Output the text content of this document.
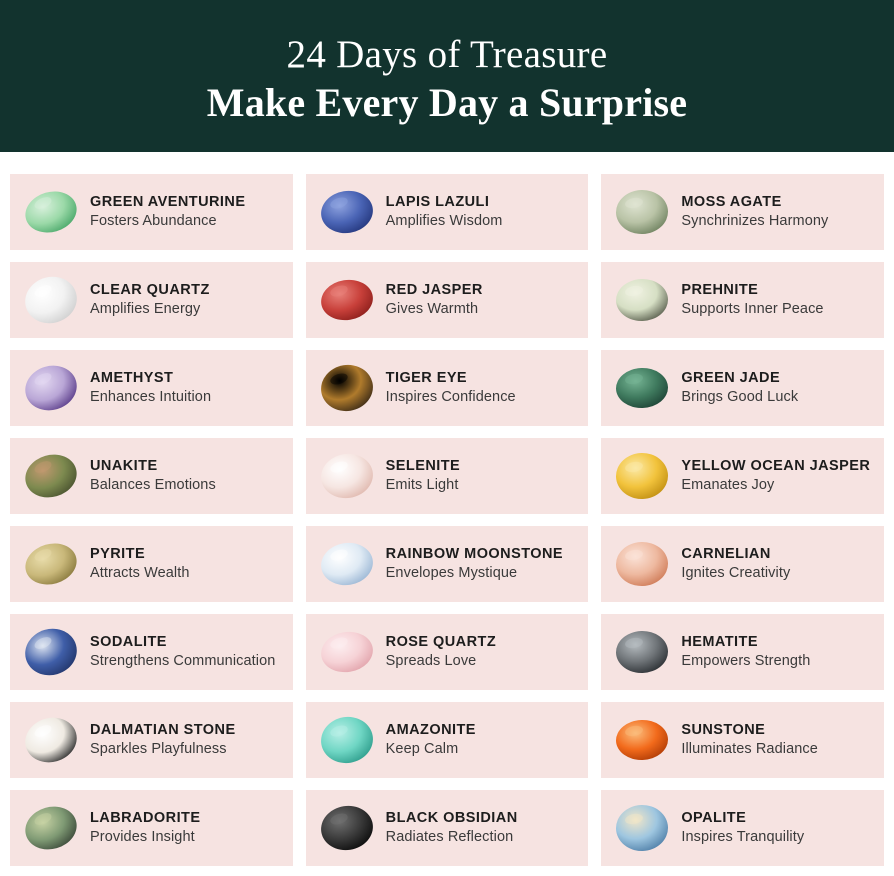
24 Days of Treasure
Make Every Day a Surprise
GREEN AVENTURINE
Fosters Abundance
LAPIS LAZULI
Amplifies Wisdom
MOSS AGATE
Synchrinizes Harmony
CLEAR QUARTZ
Amplifies Energy
RED JASPER
Gives Warmth
PREHNITE
Supports Inner Peace
AMETHYST
Enhances Intuition
TIGER EYE
Inspires Confidence
GREEN JADE
Brings Good Luck
UNAKITE
Balances Emotions
SELENITE
Emits Light
YELLOW OCEAN JASPER
Emanates Joy
PYRITE
Attracts Wealth
RAINBOW MOONSTONE
Envelopes Mystique
CARNELIAN
Ignites Creativity
SODALITE
Strengthens Communication
ROSE QUARTZ
Spreads Love
HEMATITE
Empowers Strength
DALMATIAN STONE
Sparkles Playfulness
AMAZONITE
Keep Calm
SUNSTONE
Illuminates Radiance
LABRADORITE
Provides Insight
BLACK OBSIDIAN
Radiates Reflection
OPALITE
Inspires Tranquility
